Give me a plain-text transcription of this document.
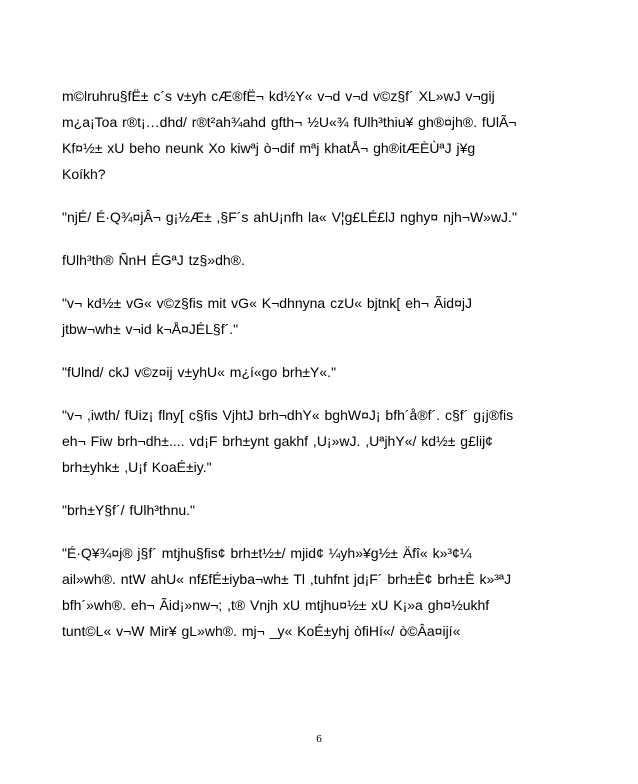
m©lruhru§fË± c´s v±yh cÆ®fË¬ kd½Y« v¬d v¬d v©z§f´ XL»wJ v¬gij
m¿a¡Toa r®t¡…dhd/ r®t²ah¾ahd gfth¬ ½U«¾ fUlh³thiu¥ gh®¤jh®. fUlÃ¬
Kf¤½± xU beho neunk Xo kiwªj ò¬dif mªj khatÅ¬ gh®itÆÈÙªJ j¥g
Koíkh?

"njÉ/ É·Q¾¤jÂ¬ g¡½Æ± ,§F´s ahU¡nfh la« V¦g£LÉ£lJ nghy¤ njh¬W»wJ."

fUlh³th® ÑnH ÉGªJ tz§»dh®.

"v¬ kd½± vG« v©z§fis mit vG« K¬dhnyna czU« bjtnk[ eh¬ Ãid¤jJ
jtbw¬wh± v¬id k¬Å¤JÉL§f´."

"fUlnd/ ckJ v©z¤ij v±yhU« m¿í«go brh±Y«."

"v¬ ,iwth/ fUiz¡ flny[ c§fis VjhtJ brh¬dhY« bghW¤J¡ bfh´å®f´. c§f´ g¡j®fis
eh¬ Fiw brh¬dh±.... vd¡F brh±ynt gakhf ,U¡»wJ. ,UªjhY«/ kd½± g£lij¢
brh±yhk± ,U¡f KoaÉ±iy."

"brh±Y§f´/ fUlh³thnu."

"É·Q¥¾¤j® j§f´ mtjhu§fis¢ brh±t½±/ mjid¢ ¼yh»¥g½± Äfî« k»³¢¼
ail»wh®. ntW ahU« nf£fÉ±iyba¬wh± Tl ,tuhfnt jd¡F´ brh±È¢ brh±È k»³ªJ
bfh´»wh®. eh¬ Ãid¡»nw¬; ,t® Vnjh xU mtjhu¤½± xU K¡»a gh¤½ukhf
tunt©L« v¬W Mir¥ gL»wh®. mj¬ _y« KoÉ±yhj òfiHí«/ ò©Âa¤ijí«

6
